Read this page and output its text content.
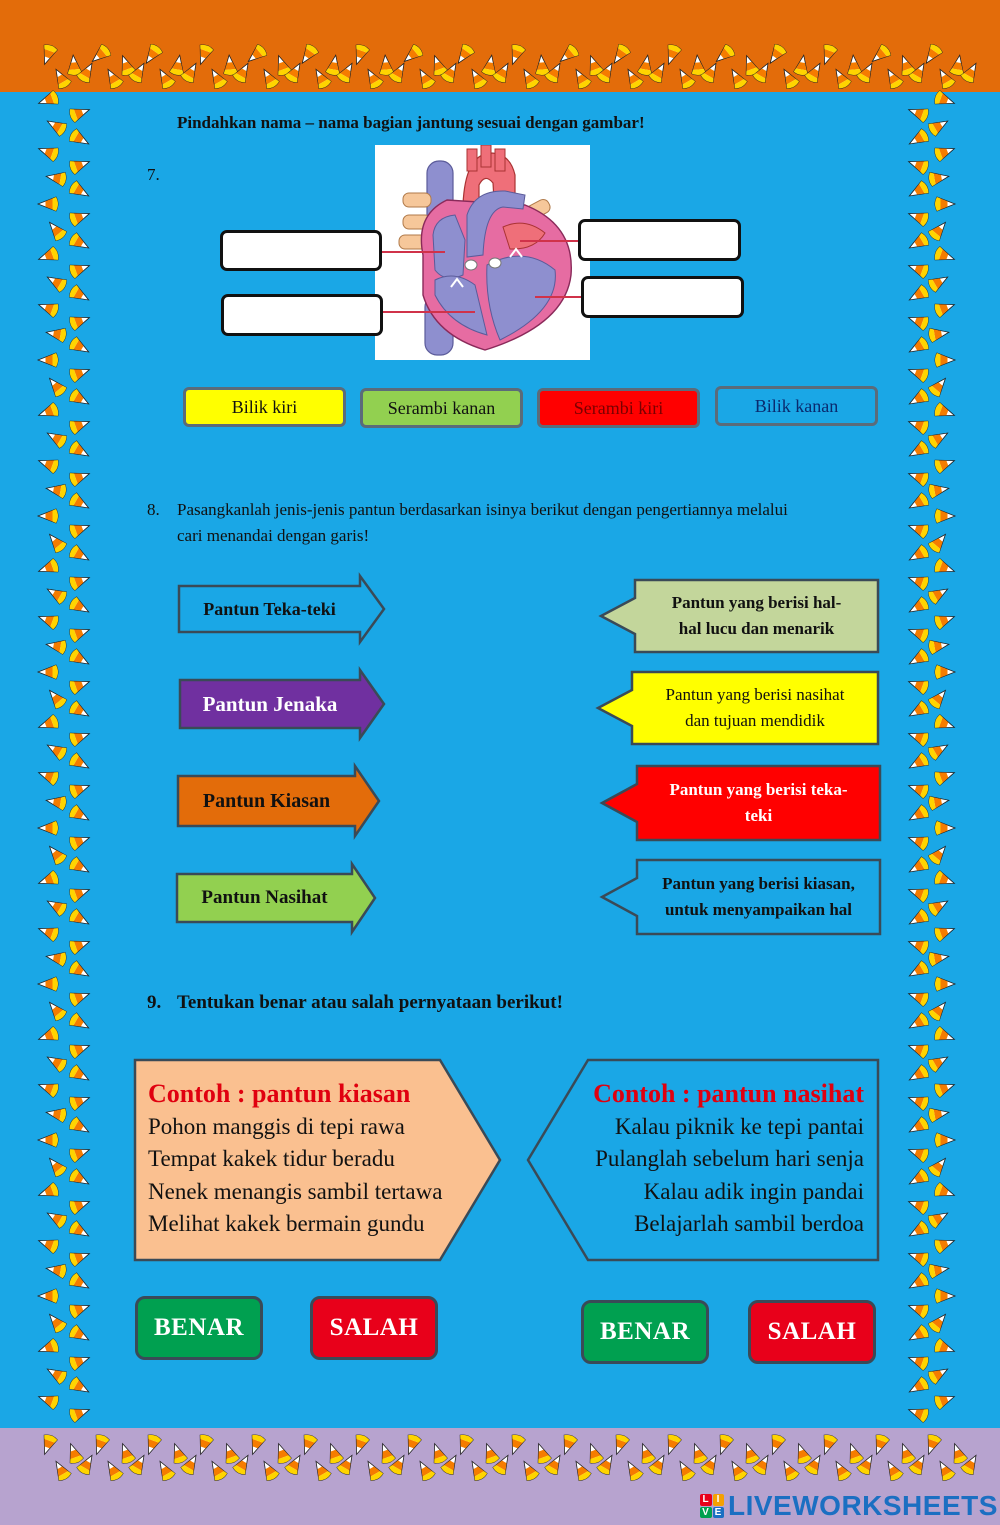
Pindahkan nama – nama bagian jantung sesuai dengan gambar!
7.
Bilik kiri	Serambi kanan	Serambi kiri	Bilik kanan
8. Pasangkanlah jenis-jenis pantun berdasarkan isinya berikut dengan pengertiannya melalui
cari menandai dengan garis!
Pantun Teka-teki
Pantun Jenaka
Pantun Kiasan
Pantun Nasihat
Pantun yang berisi hal-
hal lucu dan menarik
Pantun yang berisi nasihat
dan tujuan mendidik
Pantun yang berisi teka-
teki
Pantun yang berisi kiasan,
untuk menyampaikan hal
9. Tentukan benar atau salah pernyataan berikut!
Contoh : pantun kiasan
Pohon manggis di tepi rawa
Tempat kakek tidur beradu
Nenek menangis sambil tertawa
Melihat kakek bermain gundu
Contoh : pantun nasihat
Kalau piknik ke tepi pantai
Pulanglah sebelum hari senja
Kalau adik ingin pandai
Belajarlah sambil berdoa
BENAR	SALAH	BENAR	SALAH
L I
V E LIVEWORKSHEETS
